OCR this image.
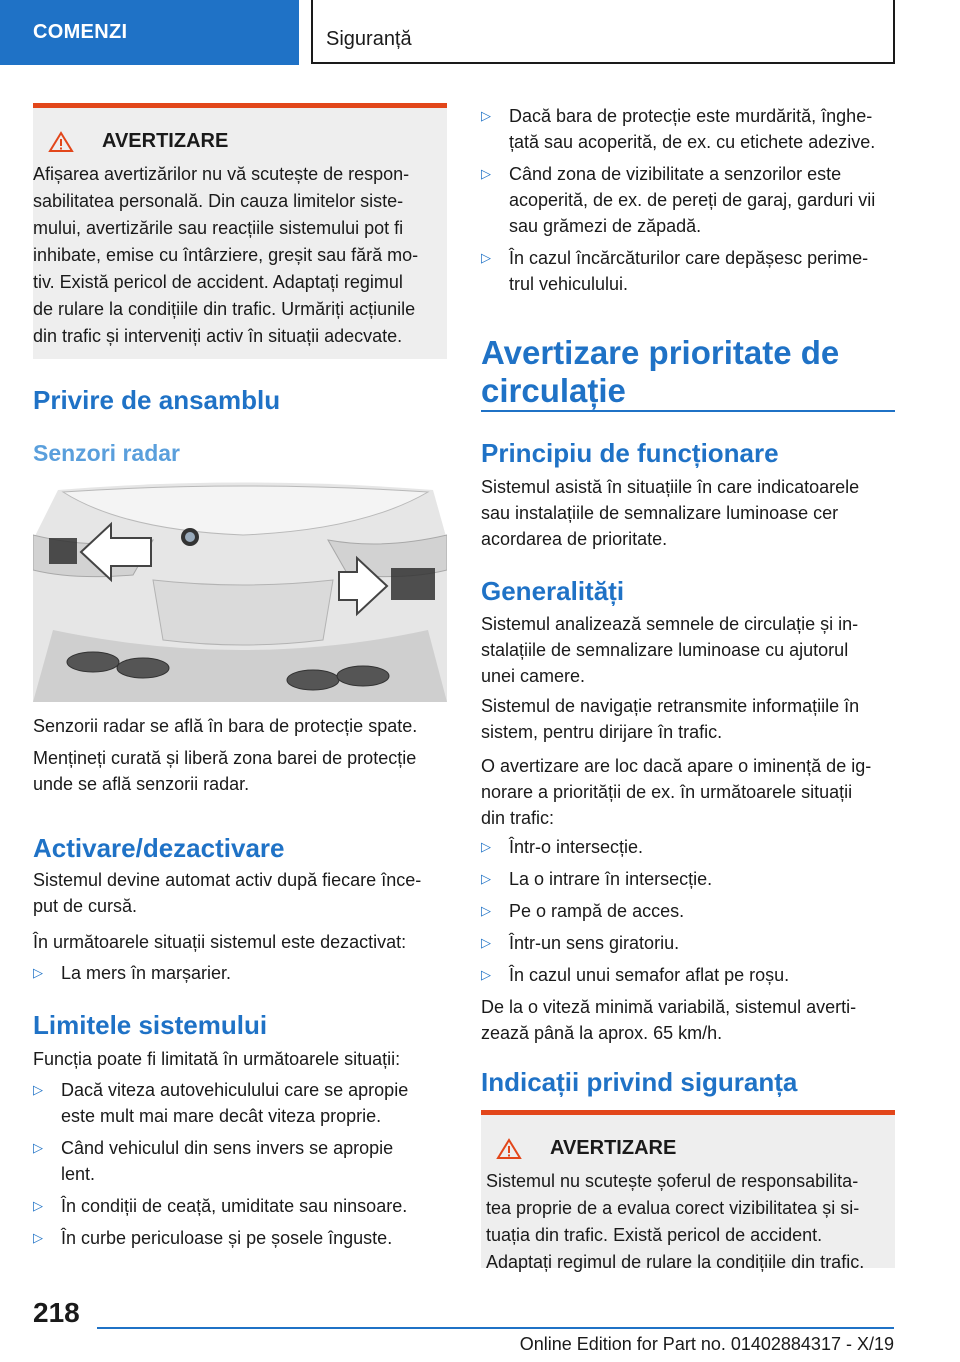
COMENZI	Siguranță
AVERTIZARE
Afișarea avertizărilor nu vă scutește de respon-
sabilitatea personală. Din cauza limitelor siste-
mului, avertizările sau reacțiile sistemului pot fi
inhibate, emise cu întârziere, greșit sau fără mo-
tiv. Există pericol de accident. Adaptați regimul
de rulare la condițiile din trafic. Urmăriți acțiunile
din trafic și interveniți activ în situații adecvate.
Privire de ansamblu
Senzori radar
Senzorii radar se află în bara de protecție spate.
Mențineți curată și liberă zona barei de protecție
unde se află senzorii radar.
Activare/dezactivare
Sistemul devine automat activ după fiecare înce-
put de cursă.
În următoarele situații sistemul este dezactivat:
▷	La mers în marșarier.
Limitele sistemului
Funcția poate fi limitată în următoarele situații:
▷	Dacă viteza autovehiculului care se apropie
este mult mai mare decât viteza proprie.
▷	Când vehiculul din sens invers se apropie
lent.
▷	În condiții de ceață, umiditate sau ninsoare.
▷	În curbe periculoase și pe șosele înguste.
▷	Dacă bara de protecție este murdărită, înghe-
țată sau acoperită, de ex. cu etichete adezive.
▷	Când zona de vizibilitate a senzorilor este
acoperită, de ex. de pereți de garaj, garduri vii
sau grămezi de zăpadă.
▷	În cazul încărcăturilor care depășesc perime-
trul vehiculului.
Avertizare prioritate de
circulație
Principiu de funcționare
Sistemul asistă în situațiile în care indicatoarele
sau instalațiile de semnalizare luminoase cer
acordarea de prioritate.
Generalități
Sistemul analizează semnele de circulație și in-
stalațiile de semnalizare luminoase cu ajutorul
unei camere.
Sistemul de navigație retransmite informațiile în
sistem, pentru dirijare în trafic.
O avertizare are loc dacă apare o iminență de ig-
norare a priorității de ex. în următoarele situații
din trafic:
▷	Într-o intersecție.
▷	La o intrare în intersecție.
▷	Pe o rampă de acces.
▷	Într-un sens giratoriu.
▷	În cazul unui semafor aflat pe roșu.
De la o viteză minimă variabilă, sistemul averti-
zează până la aprox. 65 km/h.
Indicații privind siguranța
AVERTIZARE
Sistemul nu scutește șoferul de responsabilita-
tea proprie de a evalua corect vizibilitatea și si-
tuația din trafic. Există pericol de accident.
Adaptați regimul de rulare la condițiile din trafic.
218
Online Edition for Part no. 01402884317 - X/19
